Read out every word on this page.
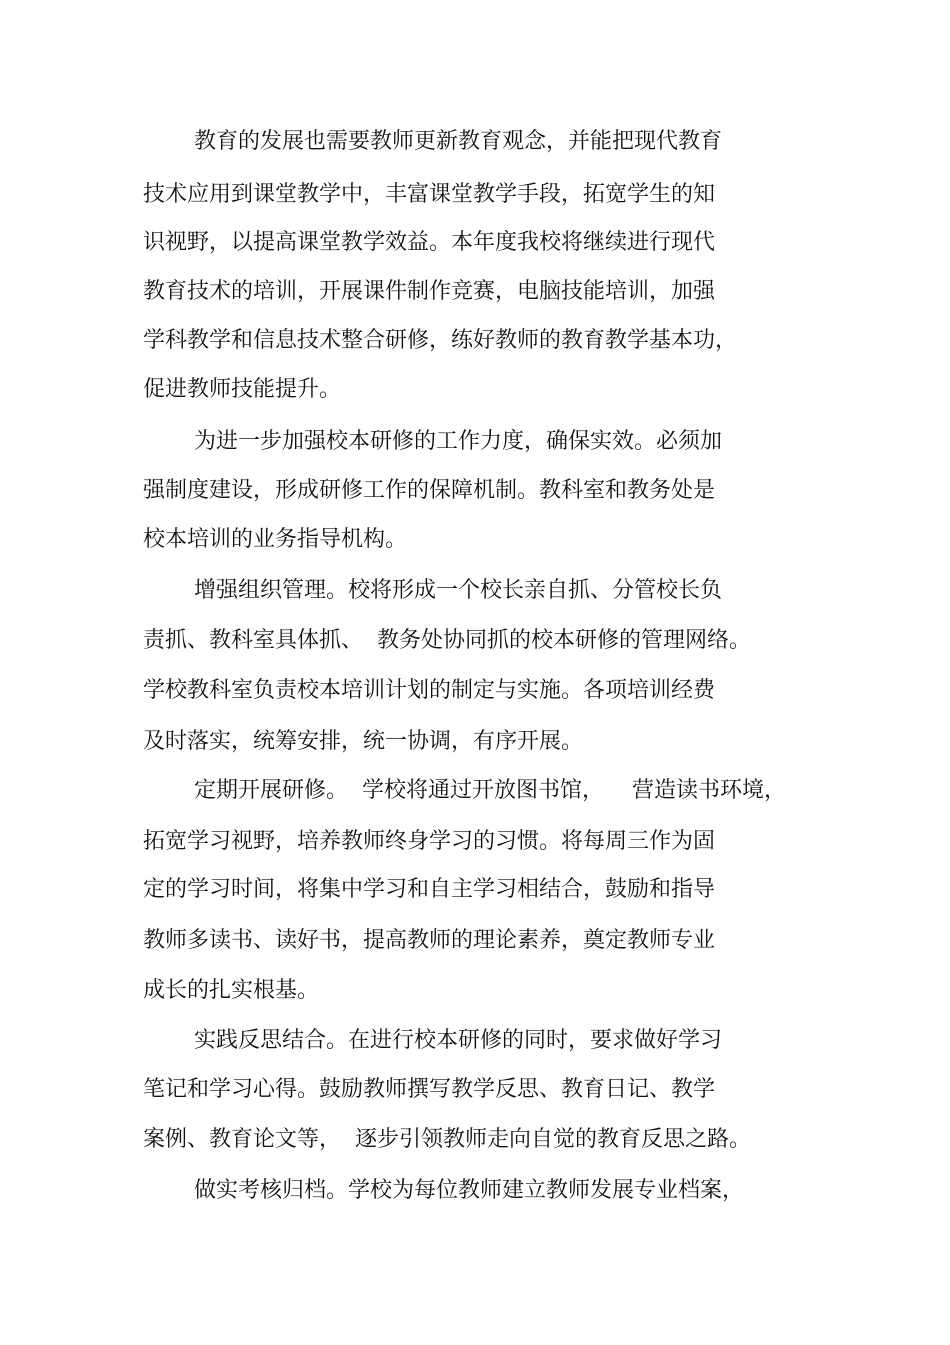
教育的发展也需要教师更新教育观念，并能把现代教育

技术应用到课堂教学中，丰富课堂教学手段，拓宽学生的知

识视野，以提高课堂教学效益。本年度我校将继续进行现代

教育技术的培训，开展课件制作竞赛，电脑技能培训，加强

学科教学和信息技术整合研修，练好教师的教育教学基本功，

促进教师技能提升。

为进一步加强校本研修的工作力度，确保实效。必须加

强制度建设，形成研修工作的保障机制。教科室和教务处是

校本培训的业务指导机构。

增强组织管理。校将形成一个校长亲自抓、分管校长负

责抓、教科室具体抓、  教务处协同抓的校本研修的管理网络。

学校教科室负责校本培训计划的制定与实施。各项培训经费

及时落实，统筹安排，统一协调，有序开展。

定期开展研修。  学校将通过开放图书馆，    营造读书环境，

拓宽学习视野，培养教师终身学习的习惯。将每周三作为固

定的学习时间，将集中学习和自主学习相结合，鼓励和指导

教师多读书、读好书，提高教师的理论素养，奠定教师专业

成长的扎实根基。

实践反思结合。在进行校本研修的同时，要求做好学习

笔记和学习心得。鼓励教师撰写教学反思、教育日记、教学

案例、教育论文等，  逐步引领教师走向自觉的教育反思之路。

做实考核归档。学校为每位教师建立教师发展专业档案，
